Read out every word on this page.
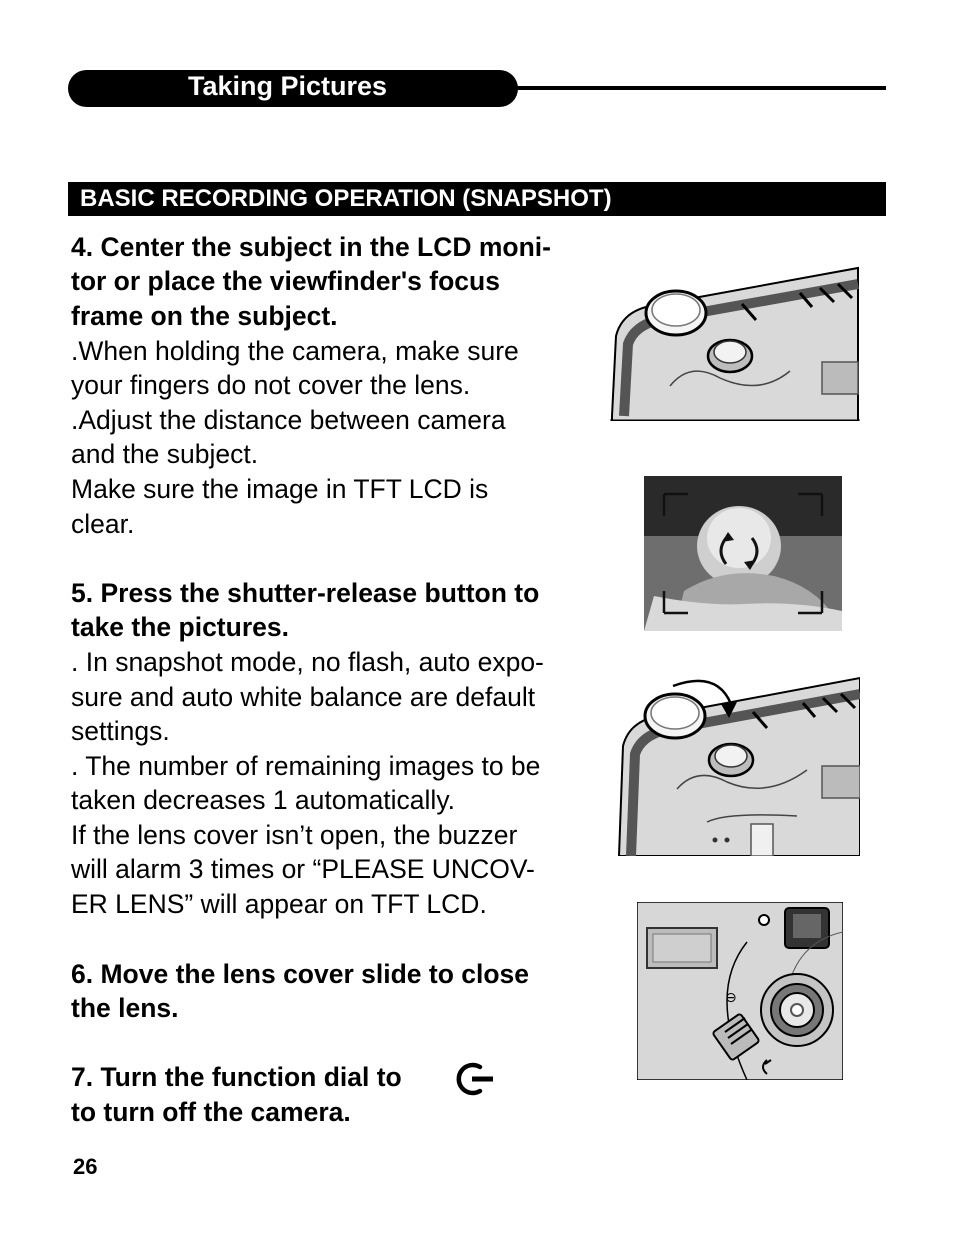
Taking Pictures
BASIC RECORDING OPERATION (SNAPSHOT)
4. Center the subject in the LCD moni-
tor or place the viewfinder's focus
frame on the subject.
.When holding the camera, make sure
your fingers do not cover the lens.
.Adjust the distance between camera
and the subject.
Make sure the image in TFT LCD is
clear.
5. Press the shutter-release button to
take the pictures.
. In snapshot mode, no flash, auto expo-
sure and auto white balance are default
settings.
. The number of remaining images to be
taken decreases 1 automatically.
If the lens cover isn’t open, the buzzer
will alarm 3 times or “PLEASE UNCOV-
ER LENS” will appear on TFT LCD.
6. Move the lens cover slide to close
the lens.
7. Turn the function dial to
to turn off the camera.
26
⊖
